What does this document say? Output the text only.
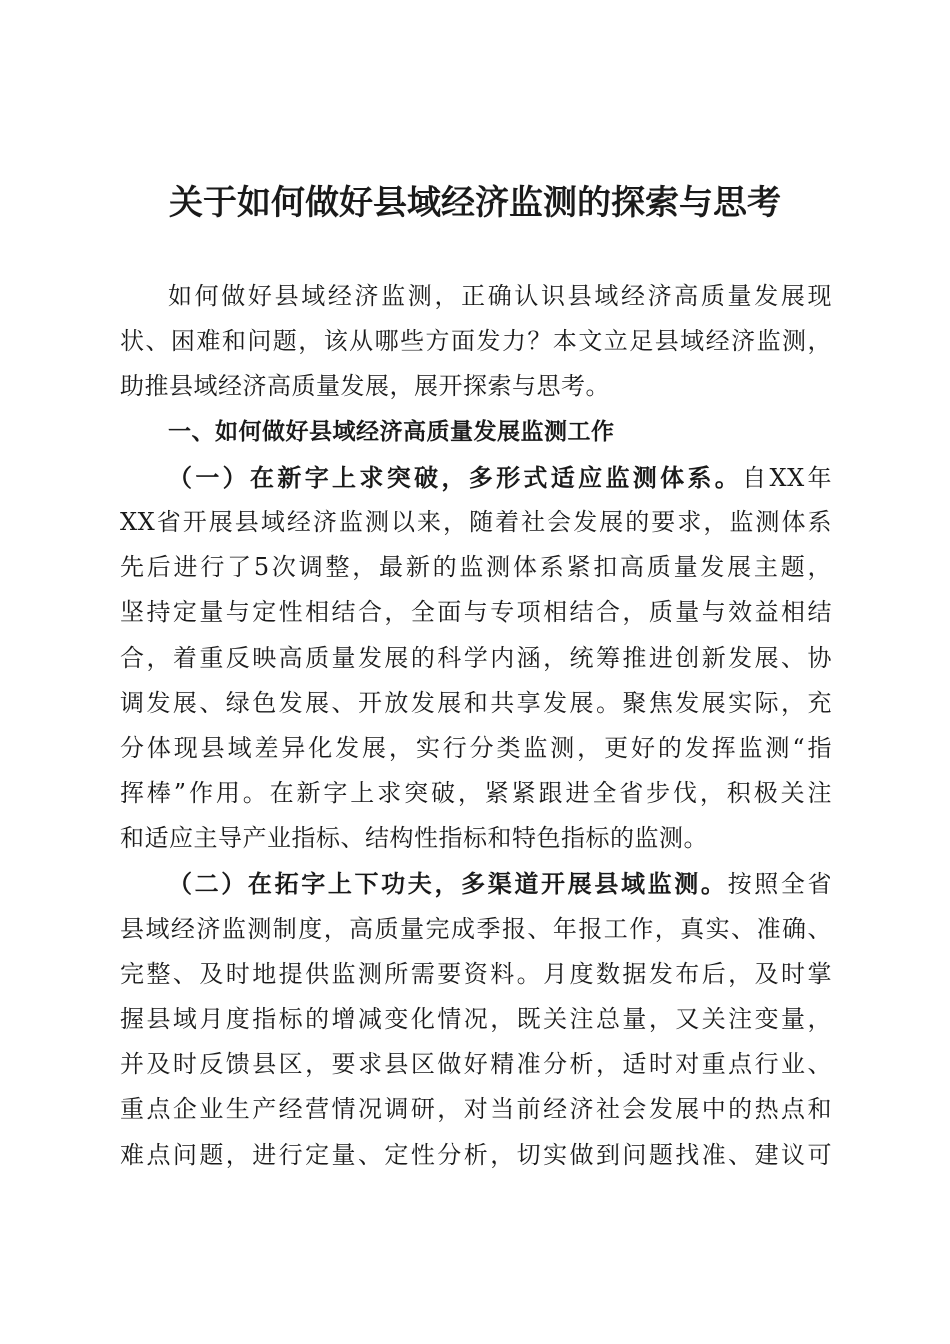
关于如何做好县域经济监测的探索与思考
如何做好县域经济监测，正确认识县域经济高质量发展现
状、困难和问题，该从哪些方面发力？本文立足县域经济监测，
助推县域经济高质量发展，展开探索与思考。
一、如何做好县域经济高质量发展监测工作
（一）在新字上求突破，多形式适应监测体系。自XX年
XX省开展县域经济监测以来，随着社会发展的要求，监测体系
先后进行了5次调整，最新的监测体系紧扣高质量发展主题，
坚持定量与定性相结合，全面与专项相结合，质量与效益相结
合，着重反映高质量发展的科学内涵，统筹推进创新发展、协
调发展、绿色发展、开放发展和共享发展。聚焦发展实际，充
分体现县域差异化发展，实行分类监测，更好的发挥监测“指
挥棒”作用。在新字上求突破，紧紧跟进全省步伐，积极关注
和适应主导产业指标、结构性指标和特色指标的监测。
（二）在拓字上下功夫，多渠道开展县域监测。按照全省
县域经济监测制度，高质量完成季报、年报工作，真实、准确、
完整、及时地提供监测所需要资料。月度数据发布后，及时掌
握县域月度指标的增减变化情况，既关注总量，又关注变量，
并及时反馈县区，要求县区做好精准分析，适时对重点行业、
重点企业生产经营情况调研，对当前经济社会发展中的热点和
难点问题，进行定量、定性分析，切实做到问题找准、建议可
